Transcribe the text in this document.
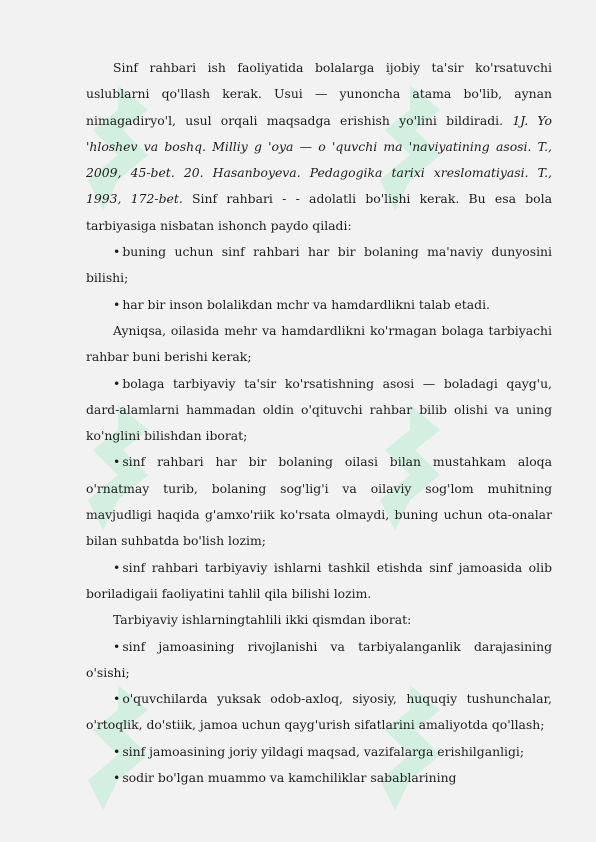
Sinf rahbari ish faoliyatida bolalarga ijobiy ta'sir ko'rsatuvchi uslublarni qo'llash kerak. Usui — yunoncha atama bo'lib, aynan nimagadiryo'l, usul orqali maqsadga erishish yo'lini bildiradi. 1J. Yo 'hloshev va boshq. Milliy g 'oya — o 'quvchi ma 'naviyatining asosi. T., 2009, 45-bet. 20. Hasanboyeva. Pedagogika tarixi xreslomatiyasi. T., 1993, 172-bet. Sinf rahbari - - adolatli bo'lishi kerak. Bu esa bola tarbiyasiga nisbatan ishonch paydo qiladi:

• buning uchun sinf rahbari har bir bolaning ma'naviy dunyosini bilishi;

• har bir inson bolalikdan mchr va hamdardlikni talab etadi.

Ayniqsa, oilasida mehr va hamdardlikni ko'rmagan bolaga tarbiyachi rahbar buni berishi kerak;

• bolaga tarbiyaviy ta'sir ko'rsatishning asosi — boladagi qayg'u, dard-alamlarni hammadan oldin o'qituvchi rahbar bilib olishi va uning ko'nglini bilishdan iborat;

• sinf rahbari har bir bolaning oilasi bilan mustahkam aloqa o'rnatmay turib, bolaning sog'lig'i va oilaviy sog'lom muhitning mavjudligi haqida g'amxo'riik ko'rsata olmaydi, buning uchun ota-onalar bilan suhbatda bo'lish lozim;

• sinf rahbari tarbiyaviy ishlarni tashkil etishda sinf jamoasida olib boriladigaii faoliyatini tahlil qila bilishi lozim.

Tarbiyaviy ishlarningtahlili ikki qismdan iborat:

• sinf jamoasining rivojlanishi va tarbiyalanganlik darajasining o'sishi;

• o'quvchilarda yuksak odob-axloq, siyosiy, huquqiy tushunchalar, o'rtoqlik, do'stiik, jamoa uchun qayg'urish sifatlarini amaliyotda qo'llash;

• sinf jamoasining joriy yildagi maqsad, vazifalarga erishilganligi;

• sodir bo'lgan muammo va kamchiliklar sabablarining
